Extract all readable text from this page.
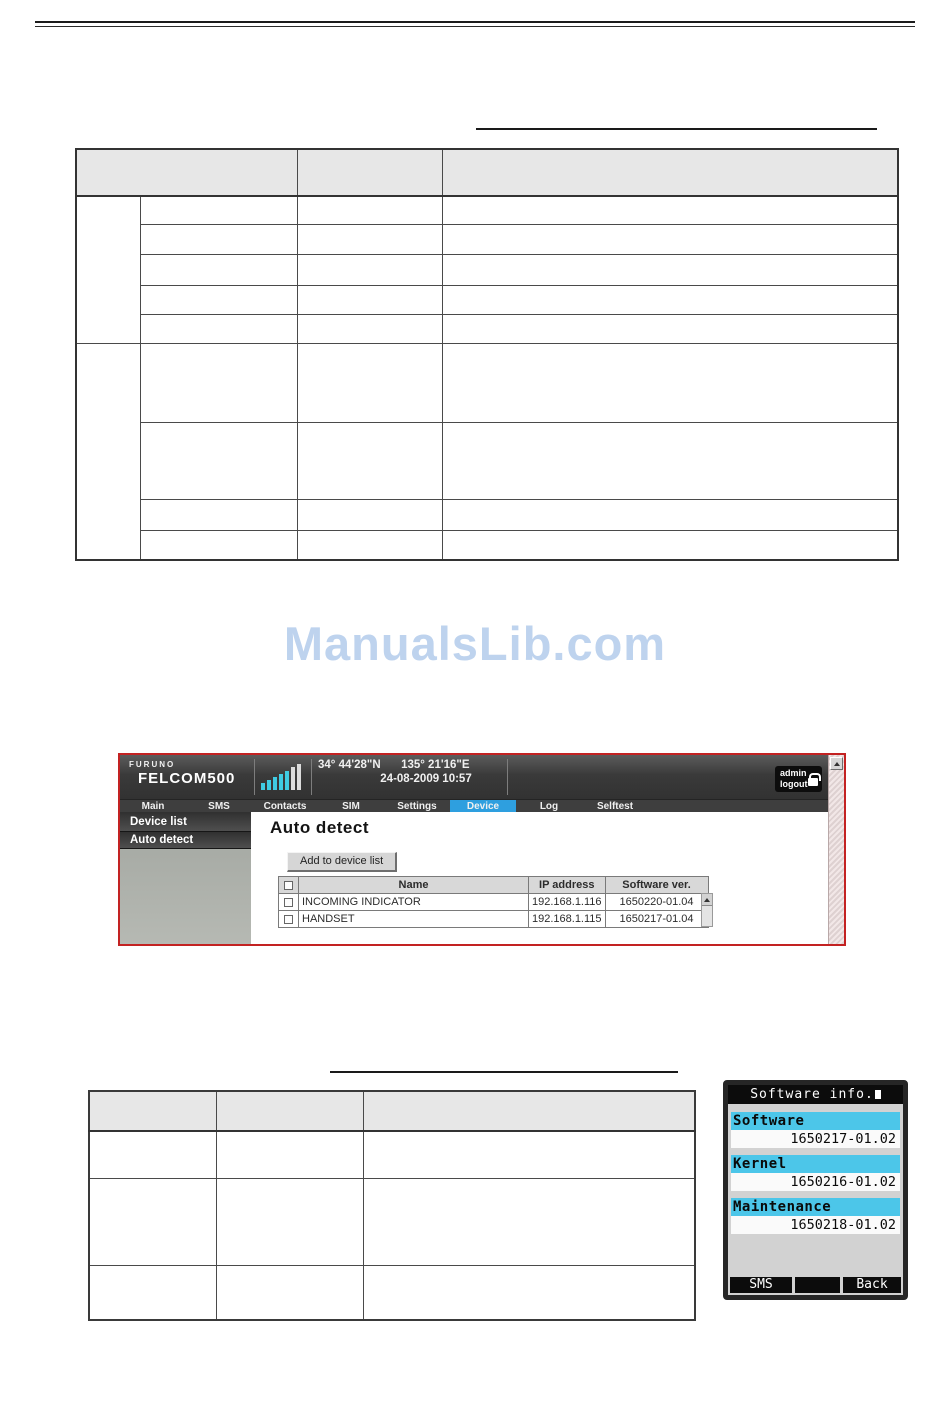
ManualsLib.com
FURUNO
FELCOM500
34° 44'28"N 135° 21'16"E
24-08-2009 10:57	admin
logout
Main	SMS	Contacts	SIM	Settings	Device	Log	Selftest
Device list
Auto detect
Auto detect
Add to device list
	Name	IP address	Software ver.
	INCOMING INDICATOR	192.168.1.116	1650220-01.04
	HANDSET	192.168.1.115	1650217-01.04

Software info.
Software
1650217-01.02
Kernel
1650216-01.02
Maintenance
1650218-01.02
SMS	Back
